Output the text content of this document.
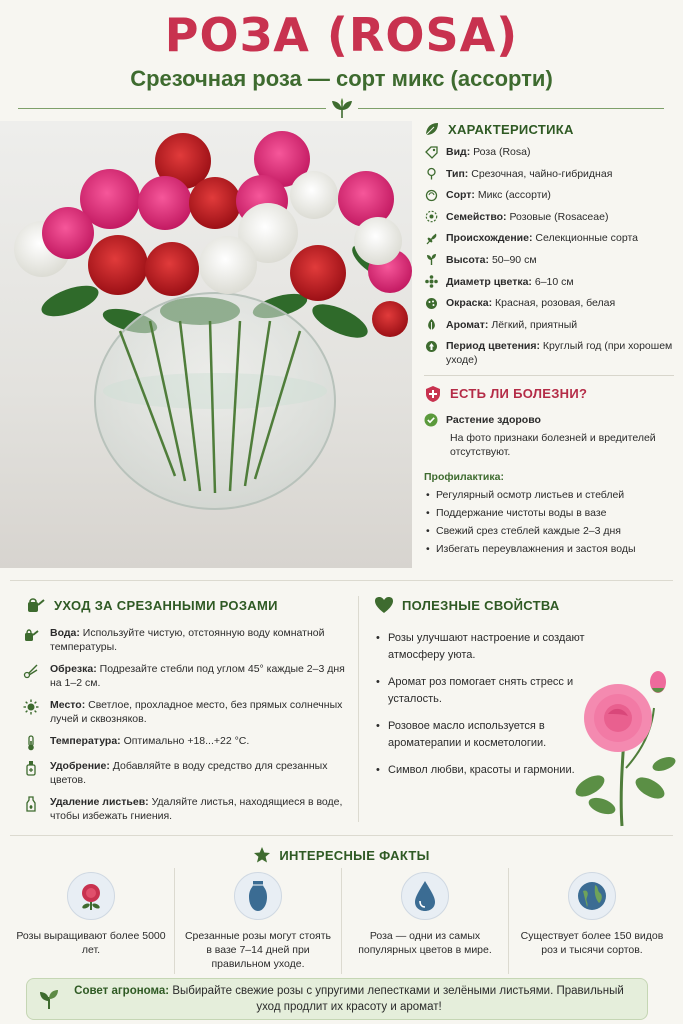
РОЗА (ROSA)
Срезочная роза — сорт микс (ассорти)
ХАРАКТЕРИСТИКА
Вид: Роза (Rosa)
Тип: Срезочная, чайно-гибридная
Сорт: Микс (ассорти)
Семейство: Розовые (Rosaceae)
Происхождение: Селекционные сорта
Высота: 50–90 см
Диаметр цветка: 6–10 см
Окраска: Красная, розовая, белая
Аромат: Лёгкий, приятный
Период цветения: Круглый год (при хорошем уходе)
ЕСТЬ ЛИ БОЛЕЗНИ?
Растение здорово
На фото признаки болезней и вредителей отсутствуют.
Профилактика:
• Регулярный осмотр листьев и стеблей
• Поддержание чистоты воды в вазе
• Свежий срез стеблей каждые 2–3 дня
• Избегать переувлажнения и застоя воды
УХОД ЗА СРЕЗАННЫМИ РОЗАМИ
Вода: Используйте чистую, отстоянную воду комнатной температуры.
Обрезка: Подрезайте стебли под углом 45° каждые 2–3 дня на 1–2 см.
Место: Светлое, прохладное место, без прямых солнечных лучей и сквозняков.
Температура: Оптимально +18...+22 °C.
Удобрение: Добавляйте в воду средство для срезанных цветов.
Удаление листьев: Удаляйте листья, находящиеся в воде, чтобы избежать гниения.
ПОЛЕЗНЫЕ СВОЙСТВА
• Розы улучшают настроение и создают атмосферу уюта.
• Аромат роз помогает снять стресс и усталость.
• Розовое масло используется в ароматерапии и косметологии.
• Символ любви, красоты и гармонии.
ИНТЕРЕСНЫЕ ФАКТЫ
Розы выращивают более 5000 лет.
Срезанные розы могут стоять в вазе 7–14 дней при правильном уходе.
Роза — одни из самых популярных цветов в мире.
Существует более 150 видов роз и тысячи сортов.
Совет агронома: Выбирайте свежие розы с упругими лепестками и зелёными листьями. Правильный уход продлит их красоту и аромат!
